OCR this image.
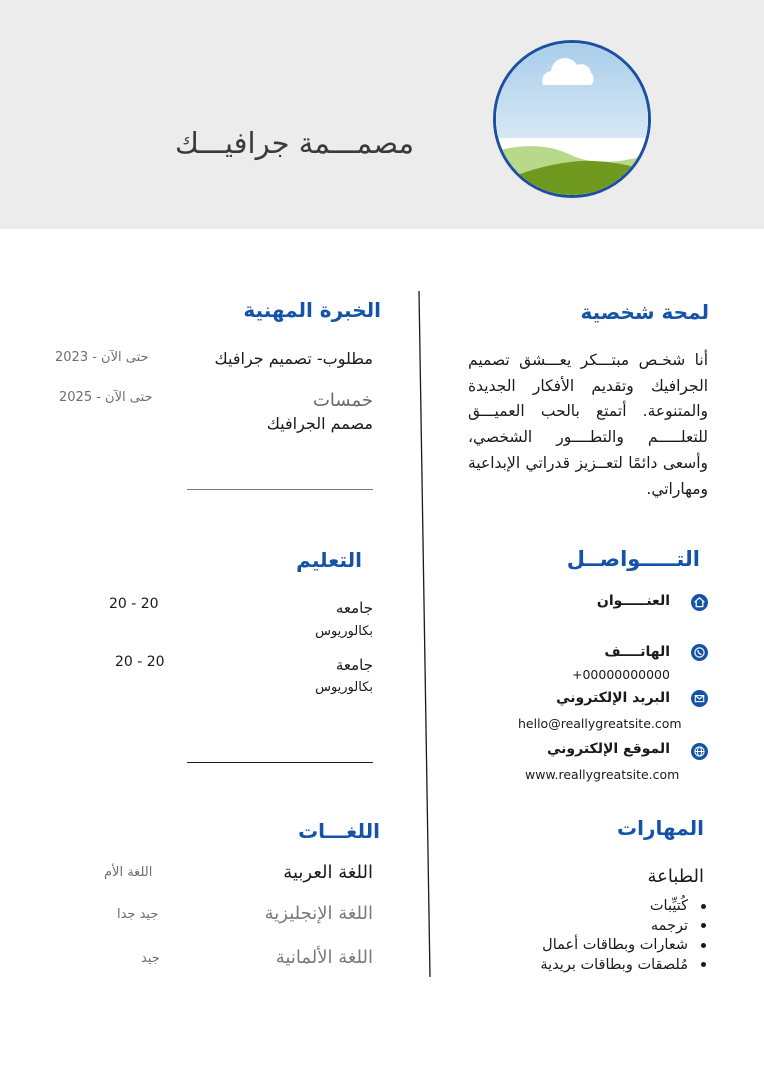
مصمـــمة جرافيـــك
لمحة شخصية
أنا شخـص مبتـــكر يعـــشق تصميم الجرافيك وتقديم الأفكار الجديدة والمتنوعة. أتمتع بالحب العميـــق للتعلـــــم والتطــــور الشخصي، وأسعى دائمًا لتعــزيز قدراتي الإبداعية ومهاراتي.
الخبرة المهنية
مطلوب- تصميم جرافيك
حتى الآن - 2023
خمسات
مصمم الجرافيك
حتى الآن - 2025
التـــــواصــل
العنـــــوان
الهاتــــف
+00000000000
البريد الإلكتروني
hello@reallygreatsite.com
الموقع الإلكتروني
www.reallygreatsite.com
التعليم
جامعه
بكالوريوس
20 - 20
جامعة
بكالوريوس
20 - 20
المهارات
الطباعة
كُتيِّبات
ترجمه
شعارات وبطاقات أعمال
مُلصقات وبطاقات بريدية
اللغـــات
اللغة العربية
اللغة الأم
اللغة الإنجليزية
جيد جدا
اللغة الألمانية
جيد
